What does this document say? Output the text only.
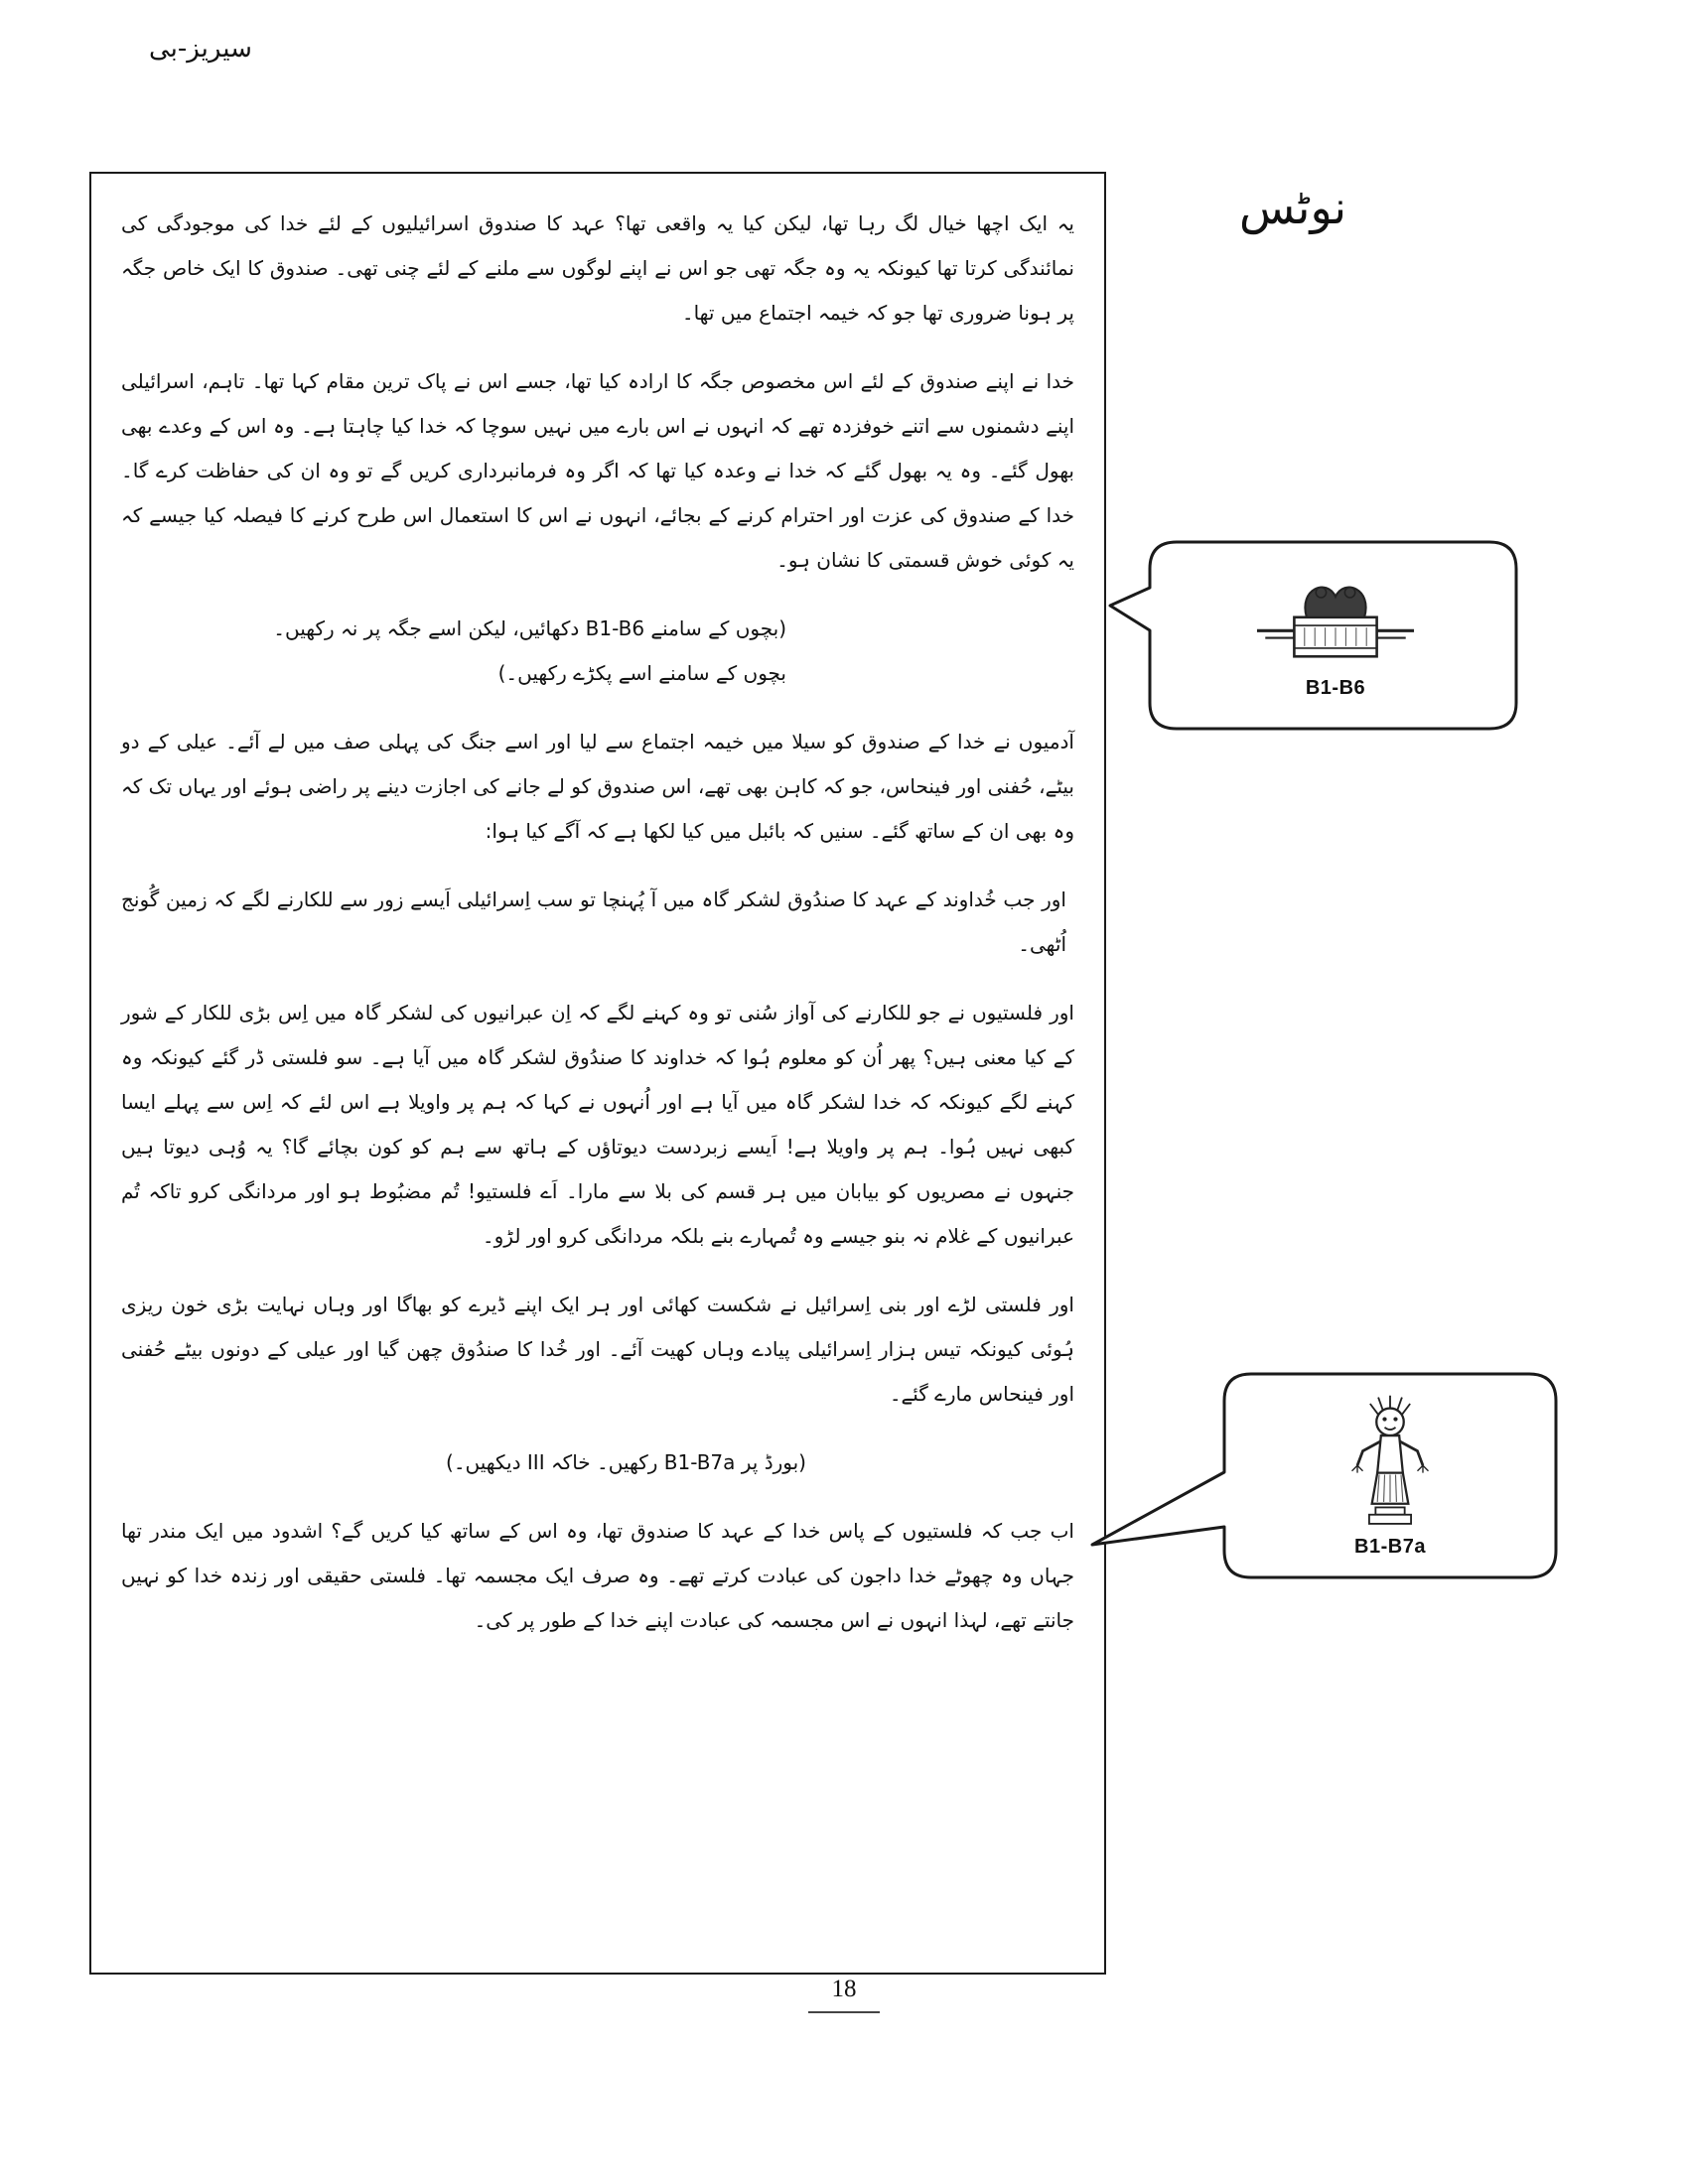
سیریز-بی
نوٹس

یہ ایک اچھا خیال لگ رہا تھا، لیکن کیا یہ واقعی تھا؟ عہد کا صندوق اسرائیلیوں کے لئے خدا کی موجودگی کی نمائندگی کرتا تھا کیونکہ یہ وہ جگہ تھی جو اس نے اپنے لوگوں سے ملنے کے لئے چنی تھی۔ صندوق کا ایک خاص جگہ پر ہونا ضروری تھا جو کہ خیمہ اجتماع میں تھا۔

خدا نے اپنے صندوق کے لئے اس مخصوص جگہ کا ارادہ کیا تھا، جسے اس نے پاک ترین مقام کہا تھا۔ تاہم، اسرائیلی اپنے دشمنوں سے اتنے خوفزدہ تھے کہ انہوں نے اس بارے میں نہیں سوچا کہ خدا کیا چاہتا ہے۔ وہ اس کے وعدے بھی بھول گئے۔ وہ یہ بھول گئے کہ خدا نے وعدہ کیا تھا کہ اگر وہ فرمانبرداری کریں گے تو وہ ان کی حفاظت کرے گا۔ خدا کے صندوق کی عزت اور احترام کرنے کے بجائے، انہوں نے اس کا استعمال اس طرح کرنے کا فیصلہ کیا جیسے کہ یہ کوئی خوش قسمتی کا نشان ہو۔

(بچوں کے سامنے B1-B6 دکھائیں، لیکن اسے جگہ پر نہ رکھیں۔ بچوں کے سامنے اسے پکڑے رکھیں۔)

آدمیوں نے خدا کے صندوق کو سیلا میں خیمہ اجتماع سے لیا اور اسے جنگ کی پہلی صف میں لے آئے۔ عیلی کے دو بیٹے، حُفنی اور فینحاس، جو کہ کاہن بھی تھے، اس صندوق کو لے جانے کی اجازت دینے پر راضی ہوئے اور یہاں تک کہ وہ بھی ان کے ساتھ گئے۔ سنیں کہ بائبل میں کیا لکھا ہے کہ آگے کیا ہوا:

اور جب خُداوند کے عہد کا صندُوق لشکر گاہ میں آ پُہنچا تو سب اِسرائیلی اَیسے زور سے للکارنے لگے کہ زمین گُونج اُٹھی۔

اور فلستیوں نے جو للکارنے کی آواز سُنی تو وہ کہنے لگے کہ اِن عبرانیوں کی لشکر گاہ میں اِس بڑی للکار کے شور کے کیا معنی ہیں؟ پھر اُن کو معلوم ہُوا کہ خداوند کا صندُوق لشکر گاہ میں آیا ہے۔ سو فلستی ڈر گئے کیونکہ وہ کہنے لگے کیونکہ کہ خدا لشکر گاہ میں آیا ہے اور اُنہوں نے کہا کہ ہم پر واویلا ہے اس لئے کہ اِس سے پہلے ایسا کبھی نہیں ہُوا۔ ہم پر واویلا ہے! اَیسے زبردست دیوتاؤں کے ہاتھ سے ہم کو کون بچائے گا؟ یہ وُہی دیوتا ہیں جنہوں نے مصریوں کو بیابان میں ہر قسم کی بلا سے مارا۔ اَے فلستیو! تُم مضبُوط ہو اور مردانگی کرو تاکہ تُم عبرانیوں کے غلام نہ بنو جیسے وہ تُمہارے بنے بلکہ مردانگی کرو اور لڑو۔

اور فلستی لڑے اور بنی اِسرائیل نے شکست کھائی اور ہر ایک اپنے ڈیرے کو بھاگا اور وہاں نہایت بڑی خون ریزی ہُوئی کیونکہ تیس ہزار اِسرائیلی پیادے وہاں کھیت آئے۔ اور خُدا کا صندُوق چھن گیا اور عیلی کے دونوں بیٹے حُفنی اور فینحاس مارے گئے۔

(بورڈ پر B1-B7a رکھیں۔ خاکہ III دیکھیں۔)

اب جب کہ فلستیوں کے پاس خدا کے عہد کا صندوق تھا، وہ اس کے ساتھ کیا کریں گے؟ اشدود میں ایک مندر تھا جہاں وہ چھوٹے خدا داجون کی عبادت کرتے تھے۔ وہ صرف ایک مجسمہ تھا۔ فلستی حقیقی اور زندہ خدا کو نہیں جانتے تھے، لہذا انہوں نے اس مجسمہ کی عبادت اپنے خدا کے طور پر کی۔

B1-B6
B1-B7a
18
